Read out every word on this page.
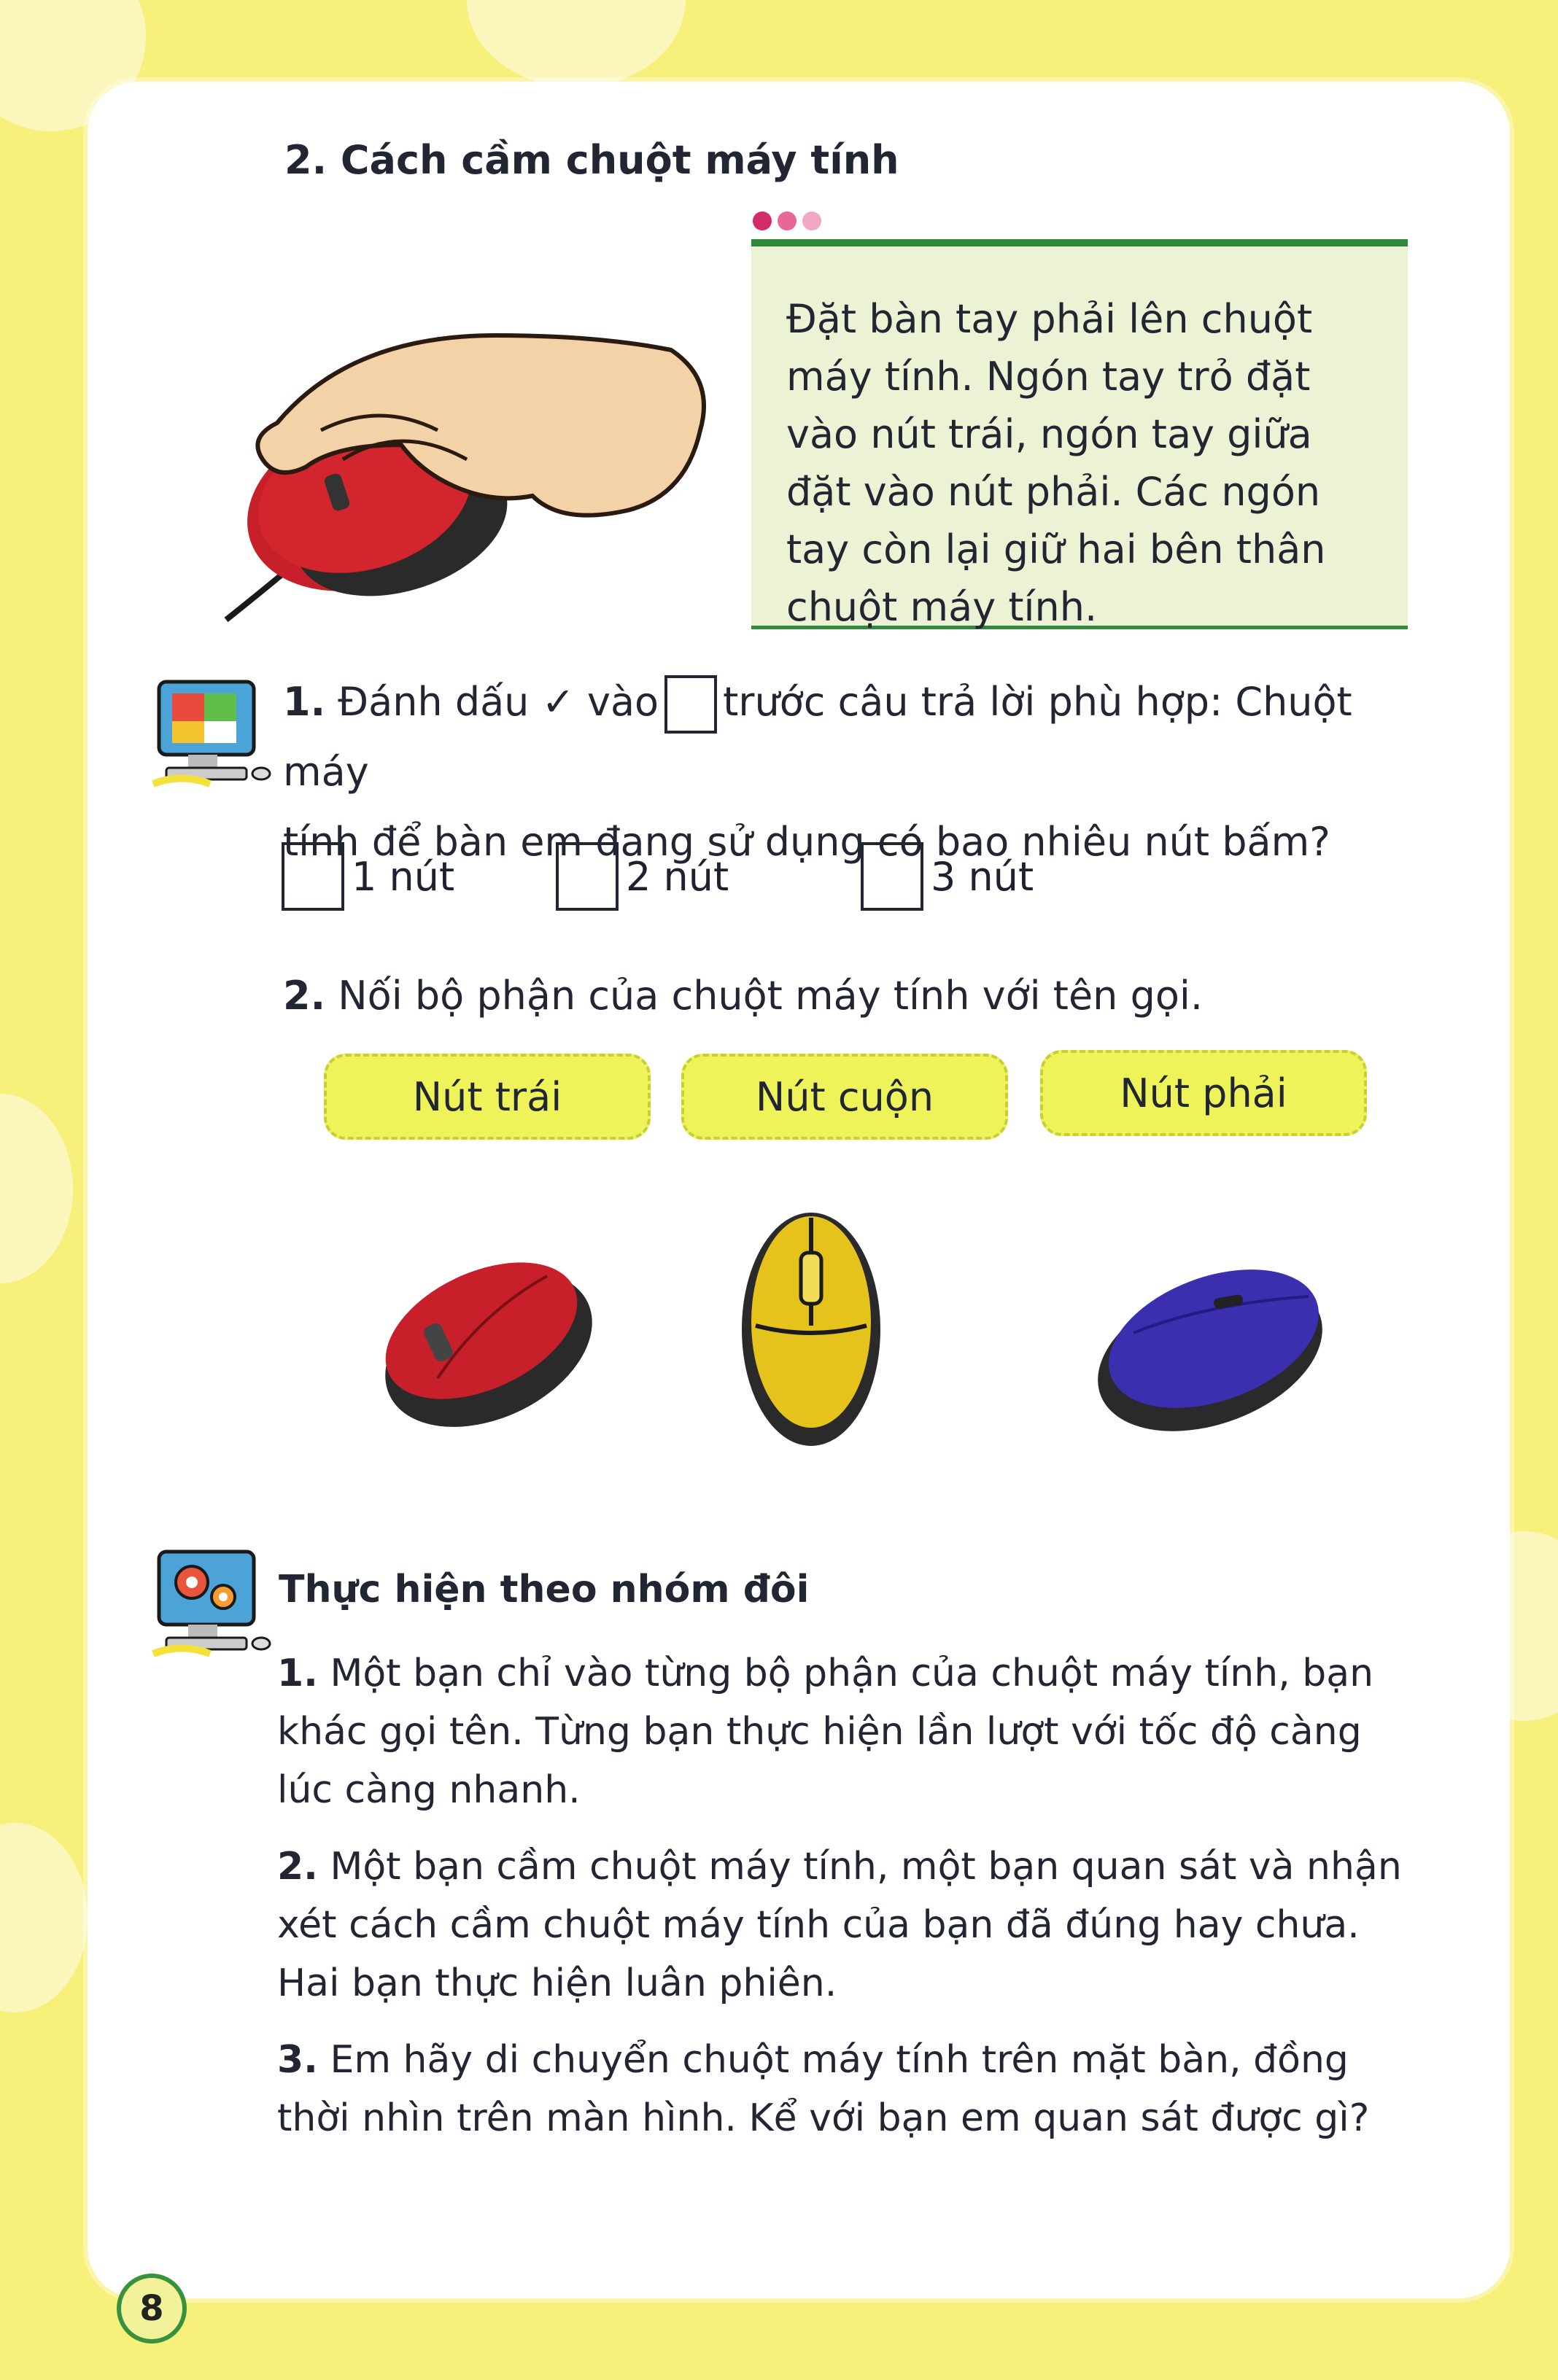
2. Cách cầm chuột máy tính
Đặt bàn tay phải lên chuột máy tính. Ngón tay trỏ đặt vào nút trái, ngón tay giữa đặt vào nút phải. Các ngón tay còn lại giữ hai bên thân chuột máy tính.
1. Đánh dấu ✓ vào trước câu trả lời phù hợp: Chuột máy
tính để bàn em đang sử dụng có bao nhiêu nút bấm?
1 nút	2 nút	3 nút
2. Nối bộ phận của chuột máy tính với tên gọi.
Nút trái	Nút cuộn	Nút phải
Thực hiện theo nhóm đôi
1. Một bạn chỉ vào từng bộ phận của chuột máy tính, bạn khác gọi tên. Từng bạn thực hiện lần lượt với tốc độ càng lúc càng nhanh.
2. Một bạn cầm chuột máy tính, một bạn quan sát và nhận xét cách cầm chuột máy tính của bạn đã đúng hay chưa. Hai bạn thực hiện luân phiên.
3. Em hãy di chuyển chuột máy tính trên mặt bàn, đồng thời nhìn trên màn hình. Kể với bạn em quan sát được gì?
8
